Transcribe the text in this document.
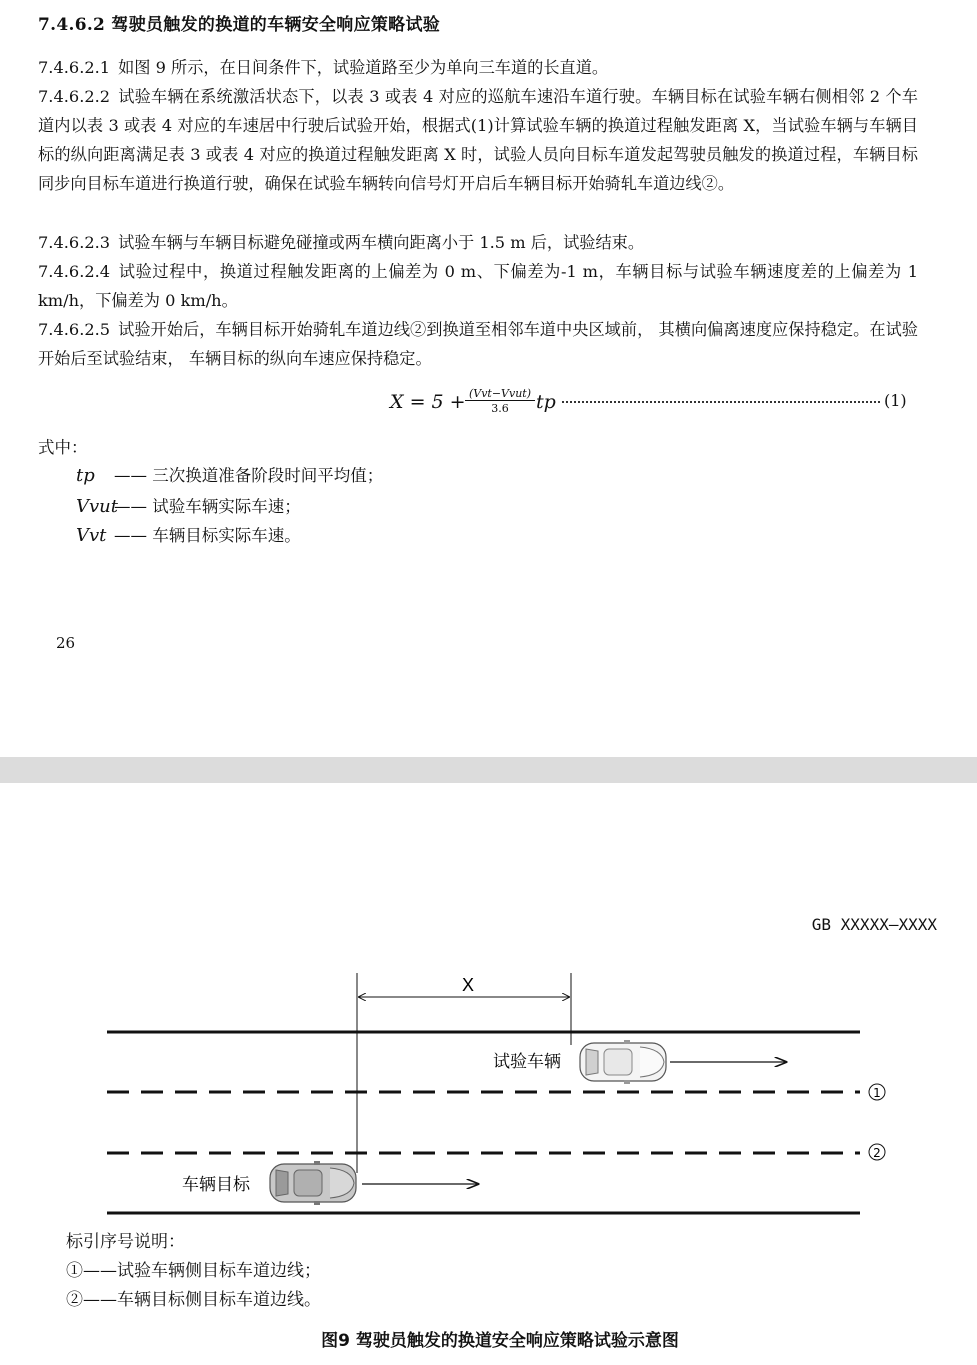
7.4.6.2 驾驶员触发的换道的车辆安全响应策略试验
7.4.6.2.1 如图 9 所示，在日间条件下，试验道路至少为单向三车道的长直道。
7.4.6.2.2 试验车辆在系统激活状态下，以表 3 或表 4 对应的巡航车速沿车道行驶。车辆目标在试验车辆右侧相邻 2 个车道内以表 3 或表 4 对应的车速居中行驶后试验开始，根据式(1)计算试验车辆的换道过程触发距离 X，当试验车辆与车辆目标的纵向距离满足表 3 或表 4 对应的换道过程触发距离 X 时，试验人员向目标车道发起驾驶员触发的换道过程，车辆目标同步向目标车道进行换道行驶，确保在试验车辆转向信号灯开启后车辆目标开始骑轧车道边线②。
7.4.6.2.3 试验车辆与车辆目标避免碰撞或两车横向距离小于 1.5 m 后，试验结束。
7.4.6.2.4 试验过程中，换道过程触发距离的上偏差为 0 m、下偏差为-1 m，车辆目标与试验车辆速度差的上偏差为 1 km/h，下偏差为 0 km/h。
7.4.6.2.5 试验开始后，车辆目标开始骑轧车道边线②到换道至相邻车道中央区域前， 其横向偏离速度应保持稳定。在试验开始后至试验结束， 车辆目标的纵向车速应保持稳定。
X = 5 + (Vvt−Vvut)
3.6	tp	(1)
式中：
tp —— 三次换道准备阶段时间平均值；
Vvut—— 试验车辆实际车速；
Vvt —— 车辆目标实际车速。
26
GB XXXXX—XXXX
X
1
2
试验车辆
车辆目标
标引序号说明：
①——试验车辆侧目标车道边线；
②——车辆目标侧目标车道边线。
图9 驾驶员触发的换道安全响应策略试验示意图
